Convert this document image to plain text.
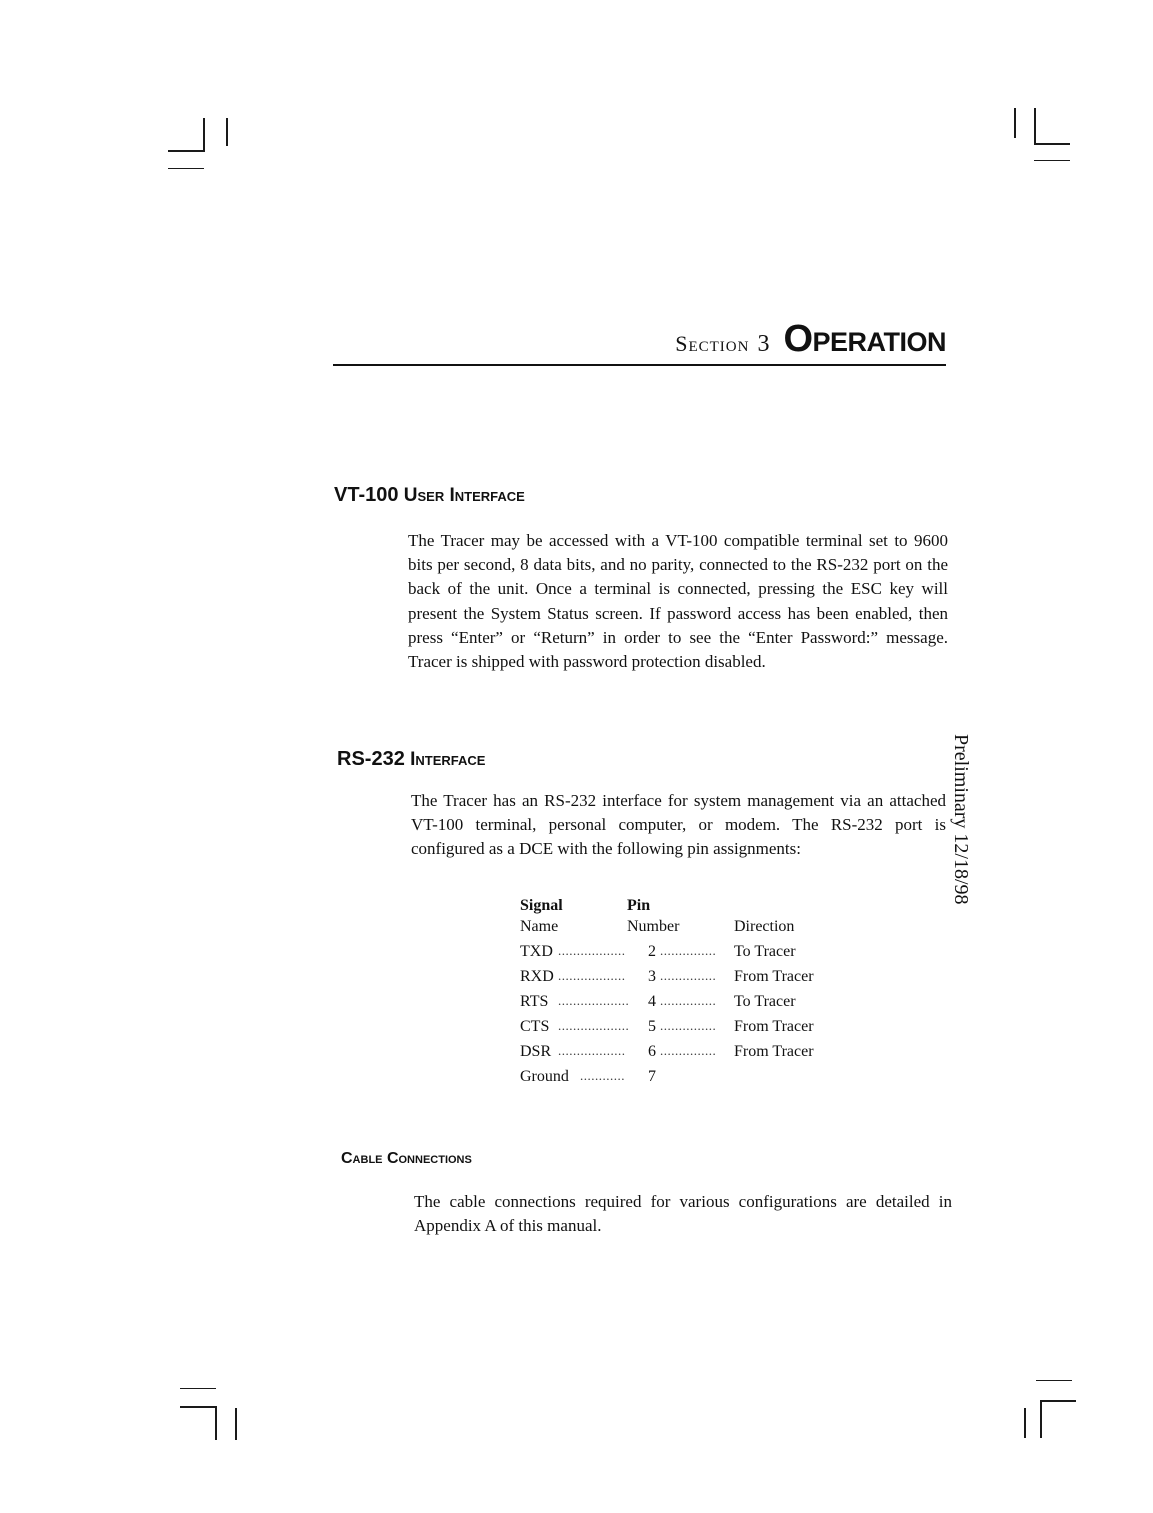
Section 3 Operation
VT-100 User Interface

The Tracer may be accessed with a VT-100 compatible terminal set to 9600 bits per second, 8 data bits, and no parity, connected to the RS-232 port on the back of the unit. Once a terminal is connected, pressing the ESC key will present the System Status screen. If password access has been enabled, then press “Enter” or “Return” in order to see the “Enter Password:” message. Tracer is shipped with password protection disabled.

RS-232 Interface

The Tracer has an RS-232 interface for system management via an attached VT-100 terminal, personal computer, or modem. The RS-232 port is configured as a DCE with the following pin assignments:	Preliminary 12/18/98
Signal
Name
Pin
Number	Direction
TXD .................. 2 ............... To Tracer
RXD .................. 3 ............... From Tracer
RTS ................... 4 ............... To Tracer
CTS ................... 5 ............... From Tracer
DSR .................. 6 ............... From Tracer
Ground ............ 7
Cable Connections

The cable connections required for various configurations are detailed in Appendix A of this manual.
